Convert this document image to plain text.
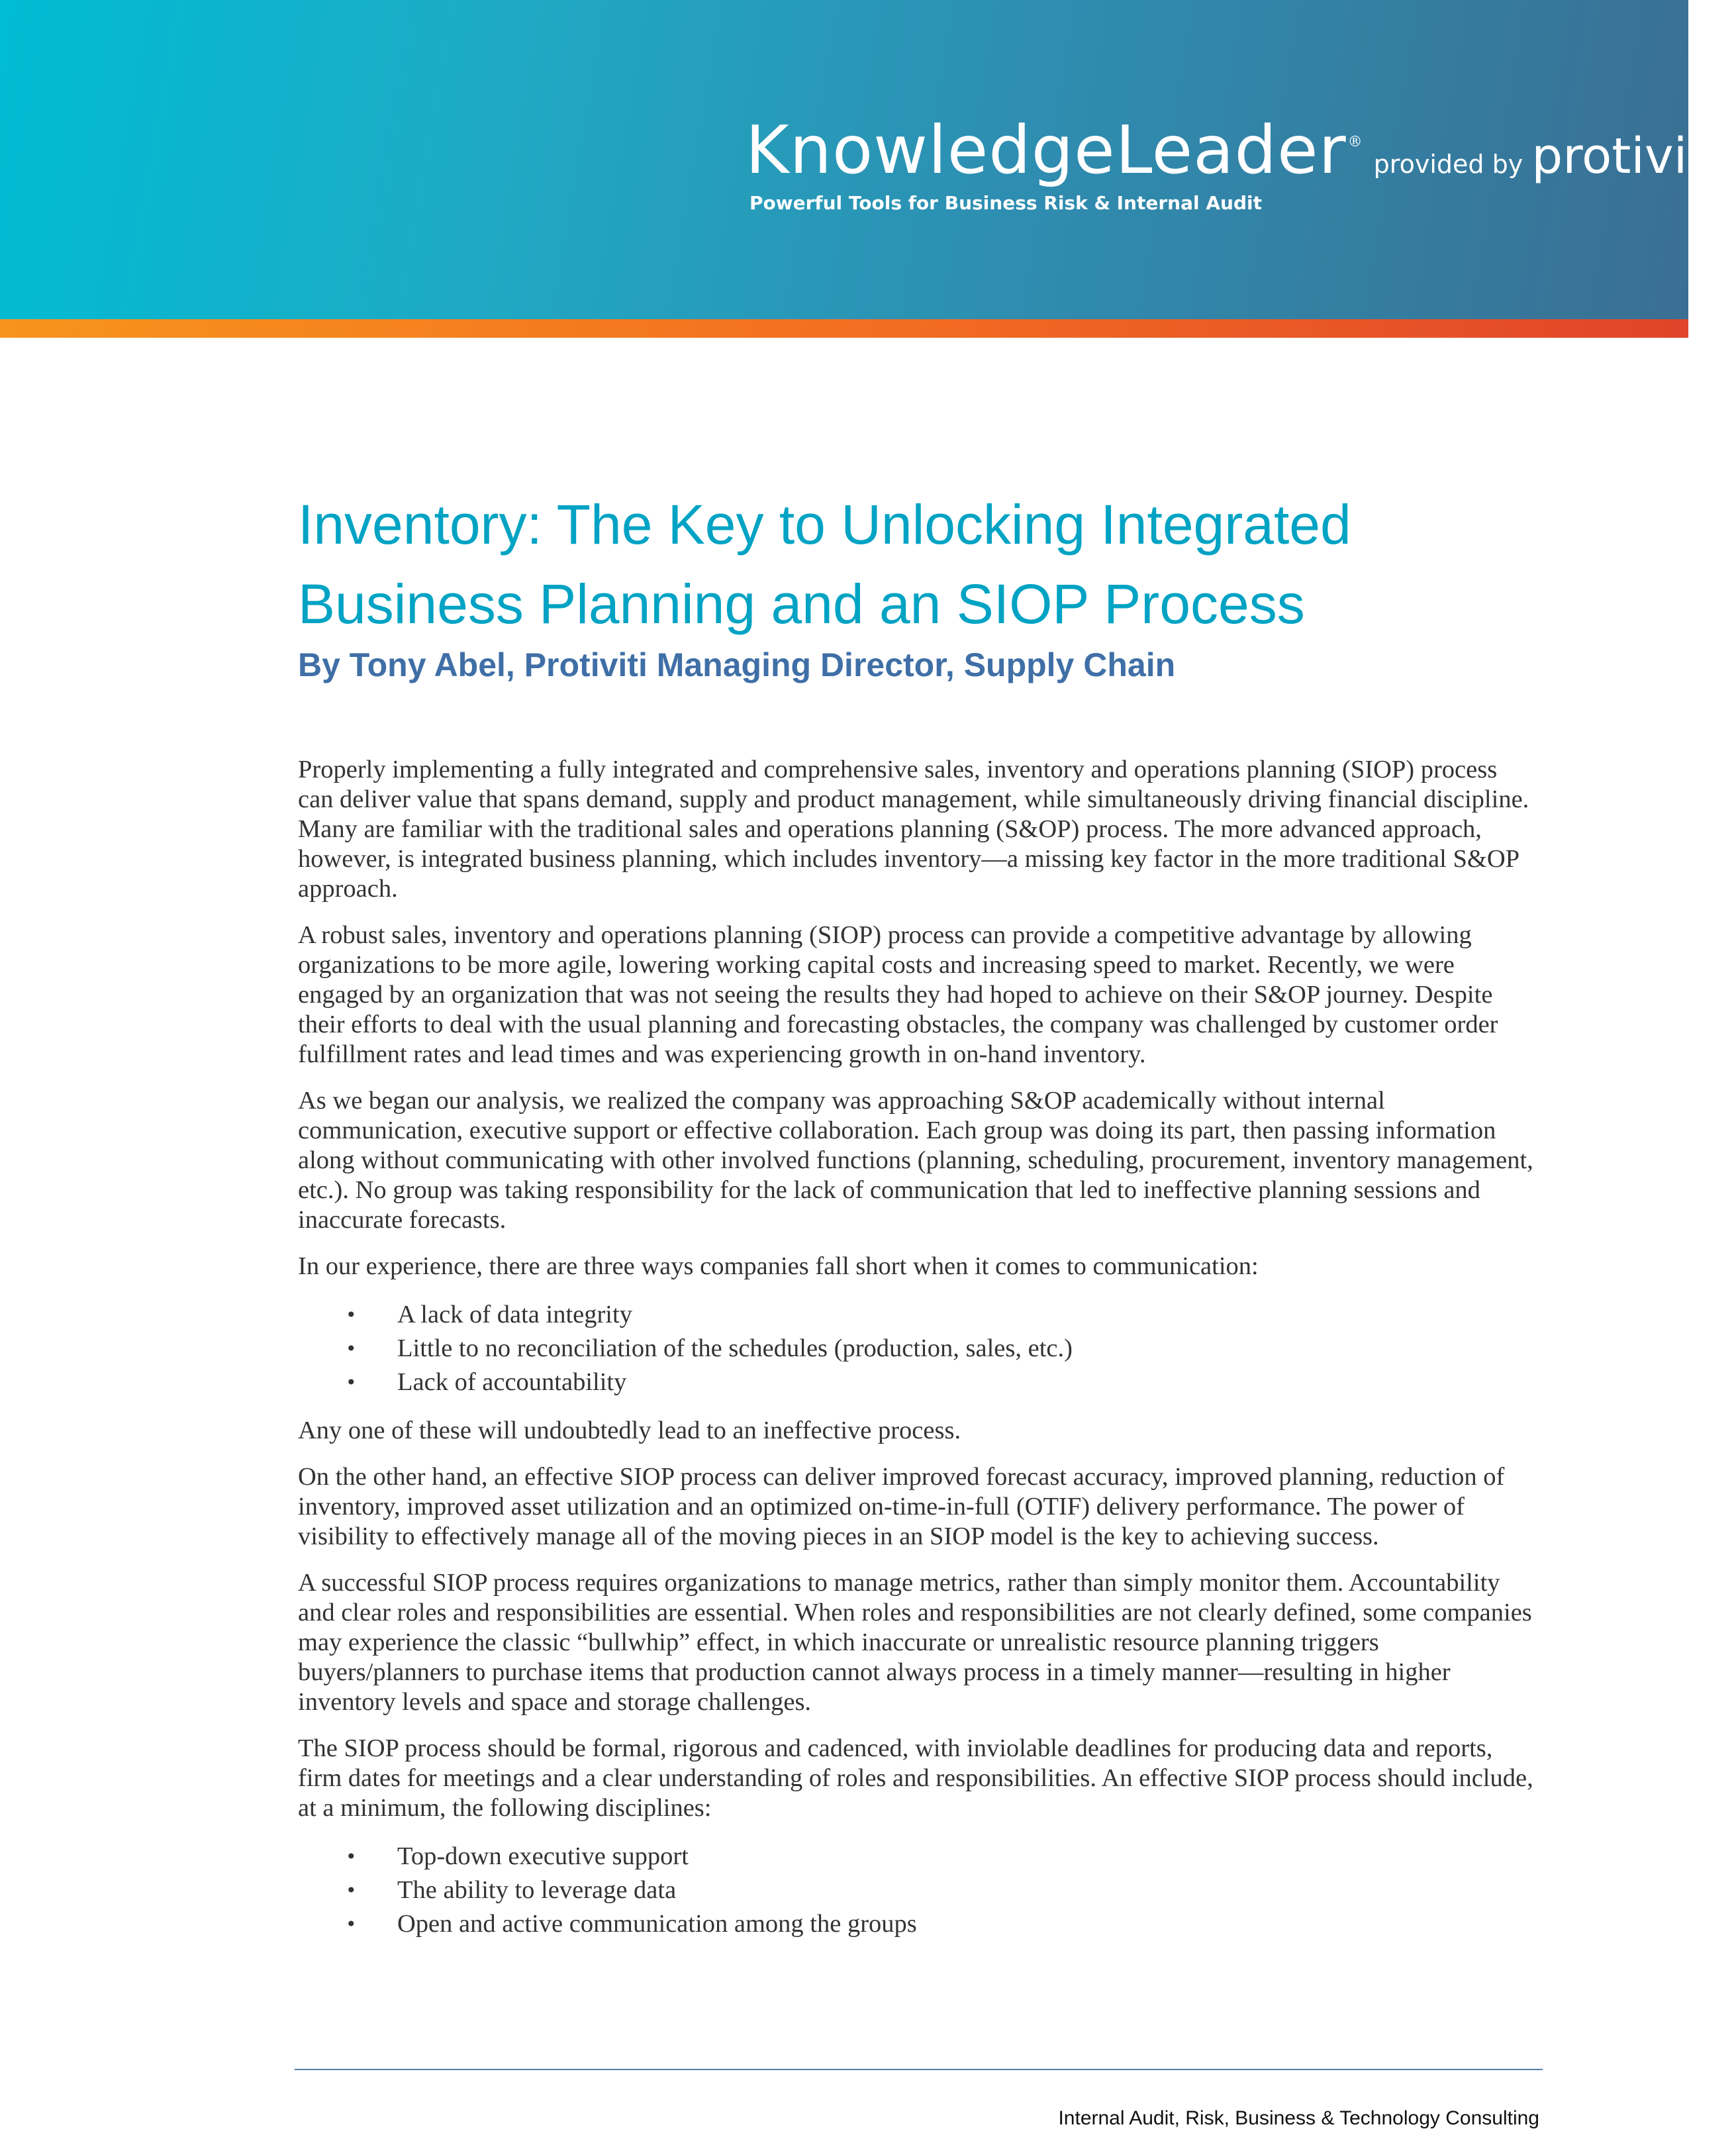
KnowledgeLeader® provided by protiviti®
Powerful Tools for Business Risk & Internal Audit
Inventory: The Key to Unlocking Integrated Business Planning and an SIOP Process
By Tony Abel, Protiviti Managing Director, Supply Chain

Properly implementing a fully integrated and comprehensive sales, inventory and operations planning (SIOP) process can deliver value that spans demand, supply and product management, while simultaneously driving financial discipline. Many are familiar with the traditional sales and operations planning (S&OP) process. The more advanced approach, however, is integrated business planning, which includes inventory—a missing key factor in the more traditional S&OP approach.

A robust sales, inventory and operations planning (SIOP) process can provide a competitive advantage by allowing organizations to be more agile, lowering working capital costs and increasing speed to market. Recently, we were engaged by an organization that was not seeing the results they had hoped to achieve on their S&OP journey. Despite their efforts to deal with the usual planning and forecasting obstacles, the company was challenged by customer order fulfillment rates and lead times and was experiencing growth in on-hand inventory.

As we began our analysis, we realized the company was approaching S&OP academically without internal communication, executive support or effective collaboration. Each group was doing its part, then passing information along without communicating with other involved functions (planning, scheduling, procurement, inventory management, etc.). No group was taking responsibility for the lack of communication that led to ineffective planning sessions and inaccurate forecasts.

In our experience, there are three ways companies fall short when it comes to communication:

• A lack of data integrity
• Little to no reconciliation of the schedules (production, sales, etc.)
• Lack of accountability

Any one of these will undoubtedly lead to an ineffective process.

On the other hand, an effective SIOP process can deliver improved forecast accuracy, improved planning, reduction of inventory, improved asset utilization and an optimized on-time-in-full (OTIF) delivery performance. The power of visibility to effectively manage all of the moving pieces in an SIOP model is the key to achieving success.

A successful SIOP process requires organizations to manage metrics, rather than simply monitor them. Accountability and clear roles and responsibilities are essential. When roles and responsibilities are not clearly defined, some companies may experience the classic “bullwhip” effect, in which inaccurate or unrealistic resource planning triggers buyers/planners to purchase items that production cannot always process in a timely manner—resulting in higher inventory levels and space and storage challenges.

The SIOP process should be formal, rigorous and cadenced, with inviolable deadlines for producing data and reports, firm dates for meetings and a clear understanding of roles and responsibilities. An effective SIOP process should include, at a minimum, the following disciplines:

• Top-down executive support
• The ability to leverage data
• Open and active communication among the groups
Internal Audit, Risk, Business & Technology Consulting
